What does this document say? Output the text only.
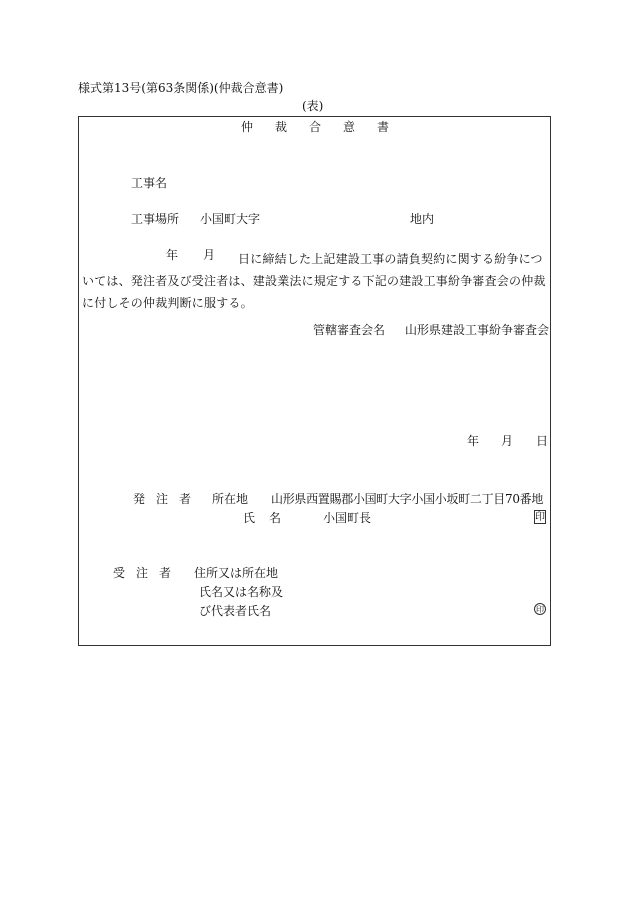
様式第13号(第63条関係)(仲裁合意書)
(表)
仲裁合意書
工事名
工事場所 小国町大字	地内
年 月	日に締結した上記建設工事の請負契約に関する紛争については、発注者及び受注者は、建設業法に規定する下記の建設工事紛争審査会の仲裁に付しその仲裁判断に服する。
管轄審査会名 山形県建設工事紛争審査会
年 月 日
発注者 所在地 山形県西置賜郡小国町大字小国小坂町二丁目70番地
氏名 小国町長	印
受注者 住所又は所在地
氏名又は名称及
び代表者氏名	印
